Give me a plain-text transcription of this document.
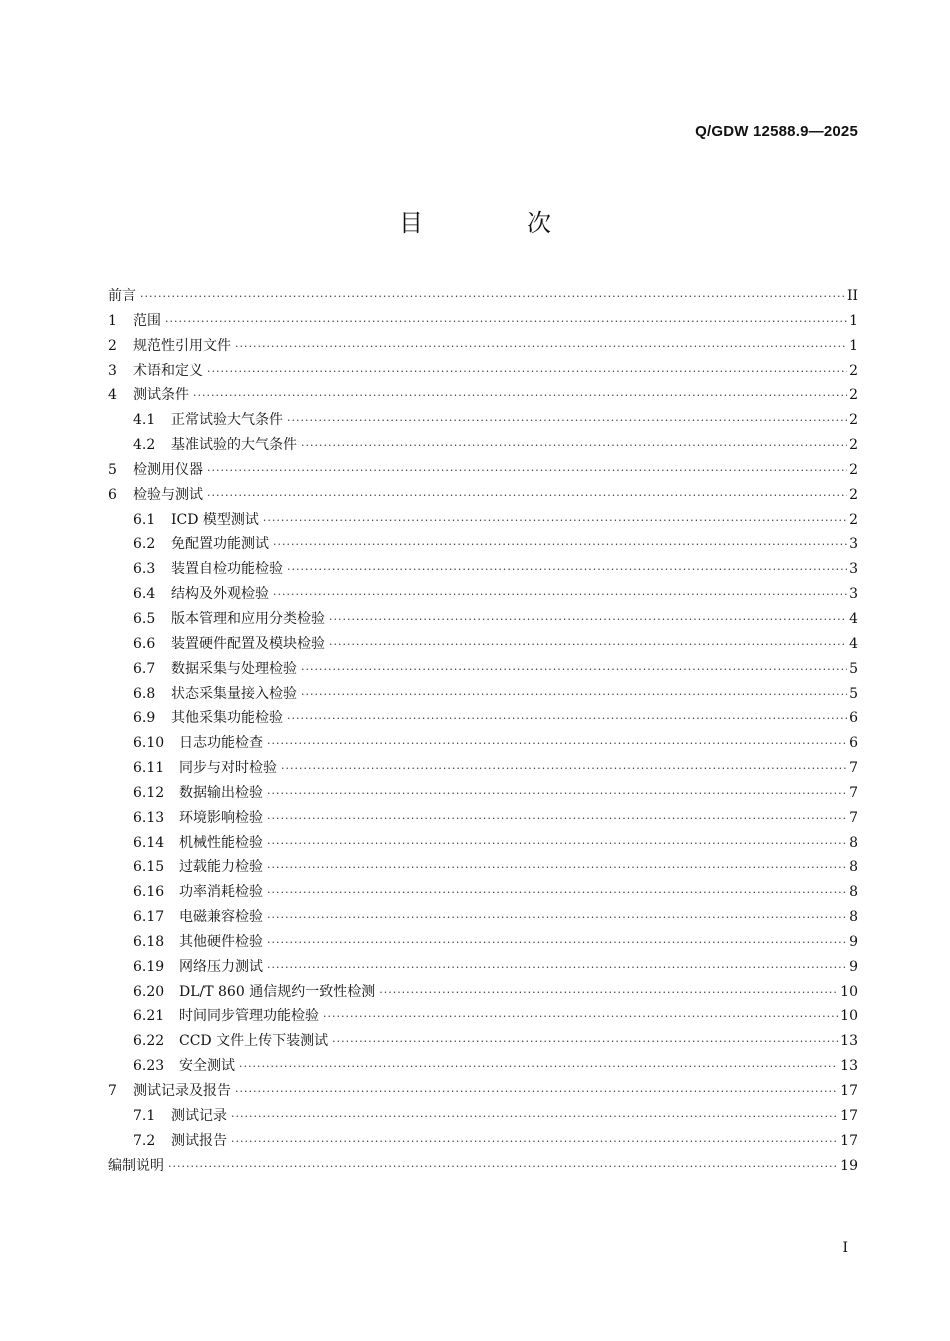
Q/GDW 12588.9—2025
目　次
前言 ·····	II
1	范围 ·····	1
2	规范性引用文件 ·····	1
3	术语和定义 ·····	2
4	测试条件 ·····	2
4.1	正常试验大气条件 ·····	2
4.2	基准试验的大气条件 ·····	2
5	检测用仪器 ·····	2
6	检验与测试 ·····	2
6.1	ICD 模型测试 ·····	2
6.2	免配置功能测试 ·····	3
6.3	装置自检功能检验 ·····	3
6.4	结构及外观检验 ·····	3
6.5	版本管理和应用分类检验 ·····	4
6.6	装置硬件配置及模块检验 ·····	4
6.7	数据采集与处理检验 ·····	5
6.8	状态采集量接入检验 ·····	5
6.9	其他采集功能检验 ·····	6
6.10	日志功能检查 ·····	6
6.11	同步与对时检验 ·····	7
6.12	数据输出检验 ·····	7
6.13	环境影响检验 ·····	7
6.14	机械性能检验 ·····	8
6.15	过载能力检验 ·····	8
6.16	功率消耗检验 ·····	8
6.17	电磁兼容检验 ·····	8
6.18	其他硬件检验 ·····	9
6.19	网络压力测试 ·····	9
6.20	DL/T 860 通信规约一致性检测 ·····	10
6.21	时间同步管理功能检验 ·····	10
6.22	CCD 文件上传下装测试 ·····	13
6.23	安全测试 ·····	13
7	测试记录及报告 ·····	17
7.1	测试记录 ·····	17
7.2	测试报告 ·····	17
编制说明 ·····	19
I
